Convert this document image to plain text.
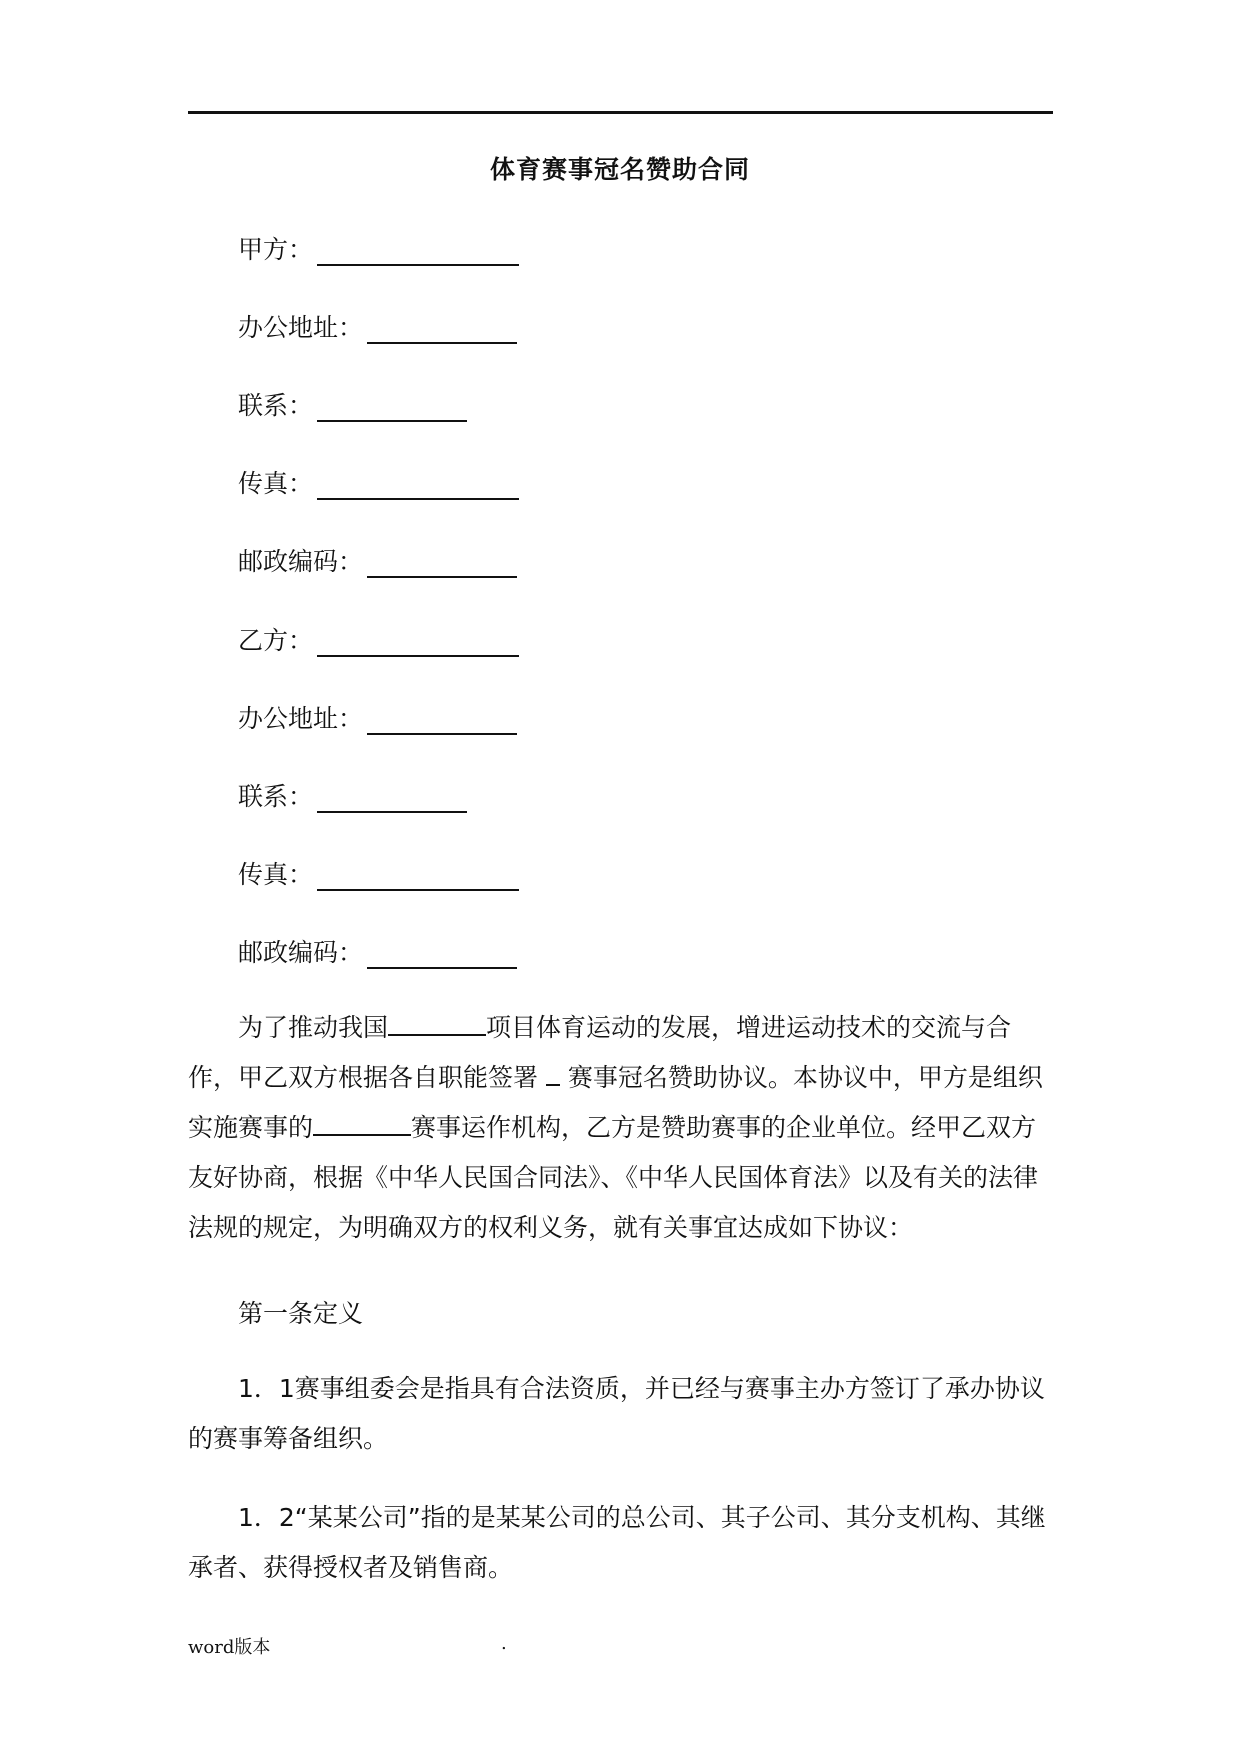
体育赛事冠名赞助合同
甲方：
办公地址：
联系：
传真：
邮政编码：
乙方：
办公地址：
联系：
传真：
邮政编码：

为了推动我国	项目体育运动的发展，增进运动技术的交流与合作，甲乙双方根据各自职能签署 赛事冠名赞助协议。本协议中，甲方是组织实施赛事的	赛事运作机构，乙方是赞助赛事的企业单位。经甲乙双方友好协商，根据《中华人民国合同法》、《中华人民国体育法》以及有关的法律法规的规定，为明确双方的权利义务，就有关事宜达成如下协议：

第一条定义

1．1赛事组委会是指具有合法资质，并已经与赛事主办方签订了承办协议的赛事筹备组织。

1．2“某某公司”指的是某某公司的总公司、其子公司、其分支机构、其继承者、获得授权者及销售商。

word版本	.
